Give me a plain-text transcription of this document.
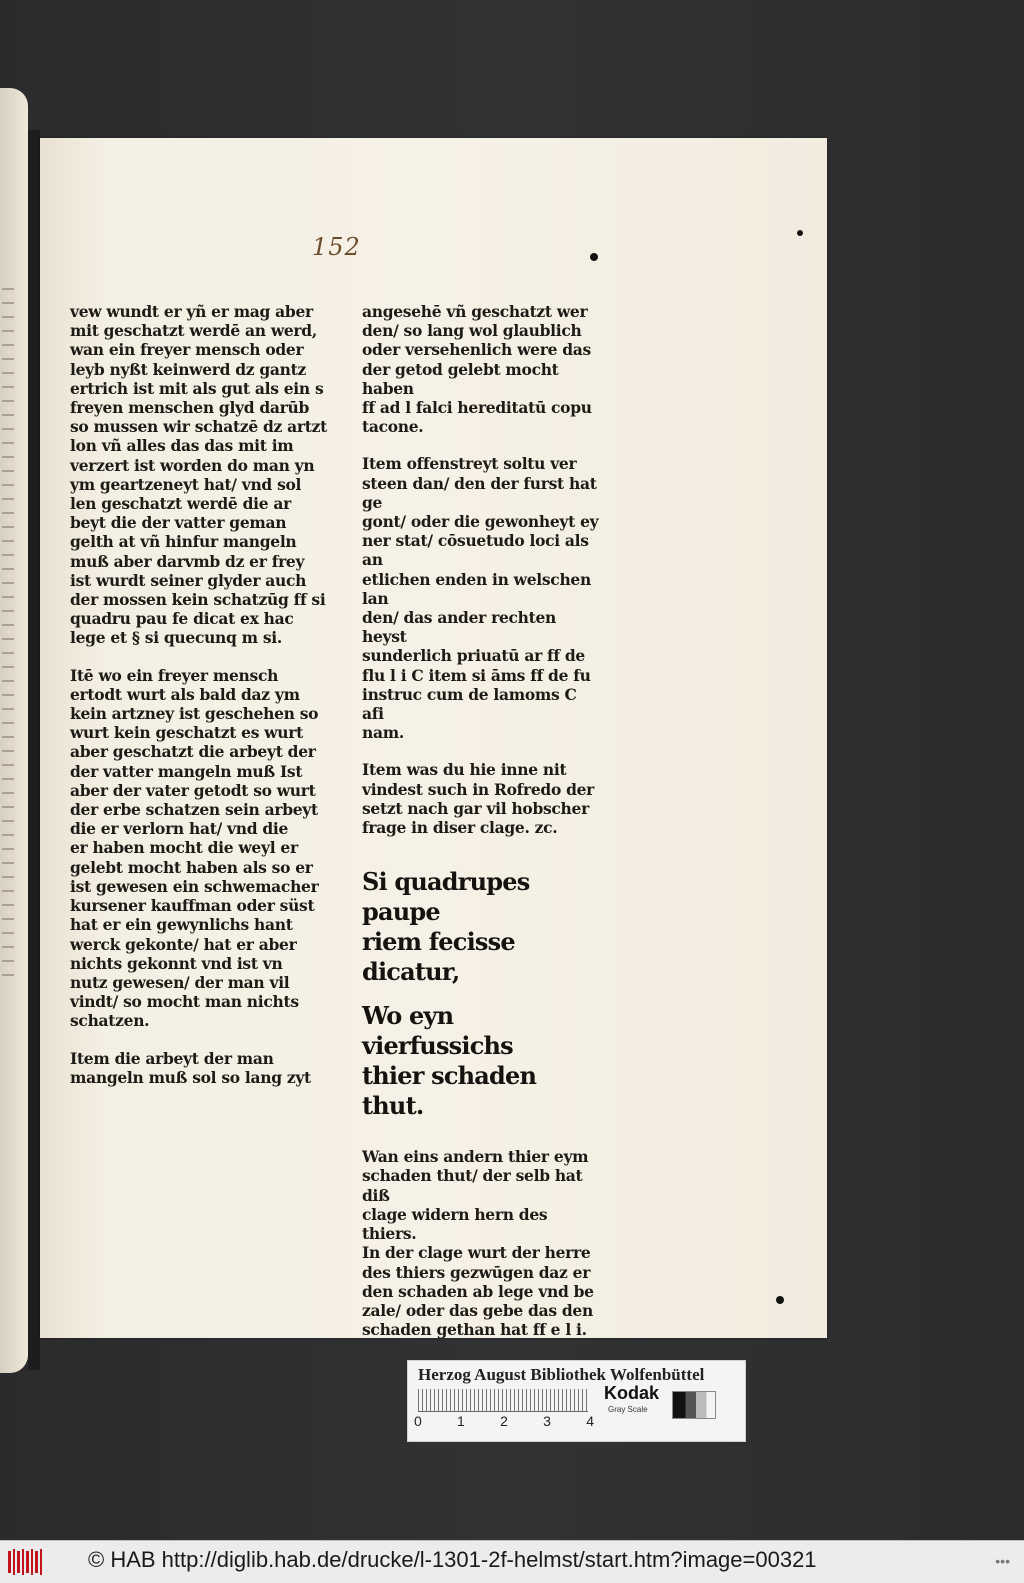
152

vew wundt er yñ er mag aber
mit geschatzt werdē an werd,
wan ein freyer mensch oder
leyb nyßt keinwerd dz gantz
ertrich ist mit als gut als ein s
freyen menschen glyd darūb
so mussen wir schatzē dz artzt
lon vñ alles das das mit im
verzert ist worden do man yn
ym geartzenеyt hat/ vnd sol
len geschatzt werdē die ar
beyt die der vatter geman
gelth at vñ hinfur mangeln
muß aber darvmb dz er frey
ist wurdt seiner glyder auch
der mossen kein schatzūg ff si
quadru pau fe dicat ex hac
lege et § si quecunq m si.

Itē wo ein freyer mensch
ertodt wurt als bald daz ym
kein artzney ist geschehen so
wurt kein geschatzt es wurt
aber geschatzt die arbeyt der
der vatter mangeln muß Ist
aber der vater getodt so wurt
der erbe schatzen sein arbeyt
die er verlorn hat/ vnd die
er haben mocht die weyl er
gelebt mocht haben als so er
ist gewesen ein schwemacher
kursener kauffman oder süst
hat er ein gewynlichs hant
werck gekonte/ hat er aber
nichts gekonnt vnd ist vn
nutz gewesen/ der man vil
vindt/ so mocht man nichts
schatzen.

Item die arbeyt der man
mangeln muß sol so lang zyt

angesehē vñ geschatzt wer
den/ so lang wol glaublich
oder versehenlich were das
der getod gelebt mocht haben
ff ad l falci hereditatū copu
tacone.

Item offenstreyt soltu ver
steen dan/ den der furst hat ge
gont/ oder die gewonheyt ey
ner stat/ cōsuetudo loci als an
etlichen enden in welschen lan
den/ das ander rechten heyst
sunderlich priuatū ar ff de
flu l i C item si āms ff de fu
instruc cum de lamoms C afi
nam.

Item was du hie inne nit
vindest such in Rofredo der
setzt nach gar vil hobscher
frage in diser clage. zc.

Si quadrupes paupe
riem fecisse dicatur,

Wo eyn vierfussichs
thier schaden thut.

Wan eins andern thier eym
schaden thut/ der selb hat diß
clage widern hern des thiers.
In der clage wurt der herre
des thiers gezwūgen daz er
den schaden ab lege vnd be
zale/ oder das gebe das den
schaden gethan hat ff e l i.

Herzog August Bibliothek Wolfenbüttel
0	1	2	3	4
Kodak
Gray Scale
© HAB http://diglib.hab.de/drucke/l-1301-2f-helmst/start.htm?image=00321	•••
